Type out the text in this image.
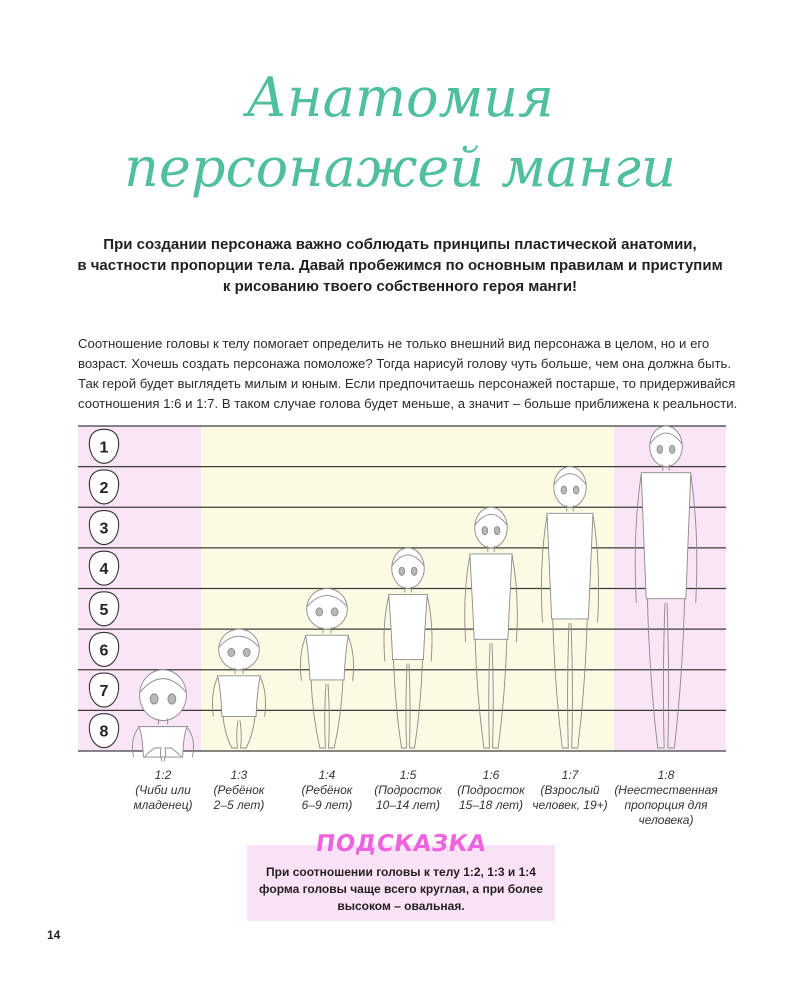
Анатомия
персонажей манги

При создании персонажа важно соблюдать принципы пластической анатомии,
в частности пропорции тела. Давай пробежимся по основным правилам и приступим
к рисованию твоего собственного героя манги!

Соотношение головы к телу помогает определить не только внешний вид персонажа в целом, но и его
возраст. Хочешь создать персонажа помоложе? Тогда нарисуй голову чуть больше, чем она должна быть.
Так герой будет выглядеть милым и юным. Если предпочитаешь персонажей постарше, то придерживайся
соотношения 1:6 и 1:7. В таком случае голова будет меньше, а значит – больше приближена к реальности.

1
2
3
4
5
6
7
8
1:2
(Чиби или
младенец)
1:3
(Ребёнок
2–5 лет)
1:4
(Ребёнок
6–9 лет)
1:5
(Подросток
10–14 лет)
1:6
(Подросток
15–18 лет)
1:7
(Взрослый
человек, 19+)
1:8
(Неестественная
пропорция для
человека)
ПОДСКАЗКА
При соотношении головы к телу 1:2, 1:3 и 1:4
форма головы чаще всего круглая, а при более
высоком – овальная.
14
